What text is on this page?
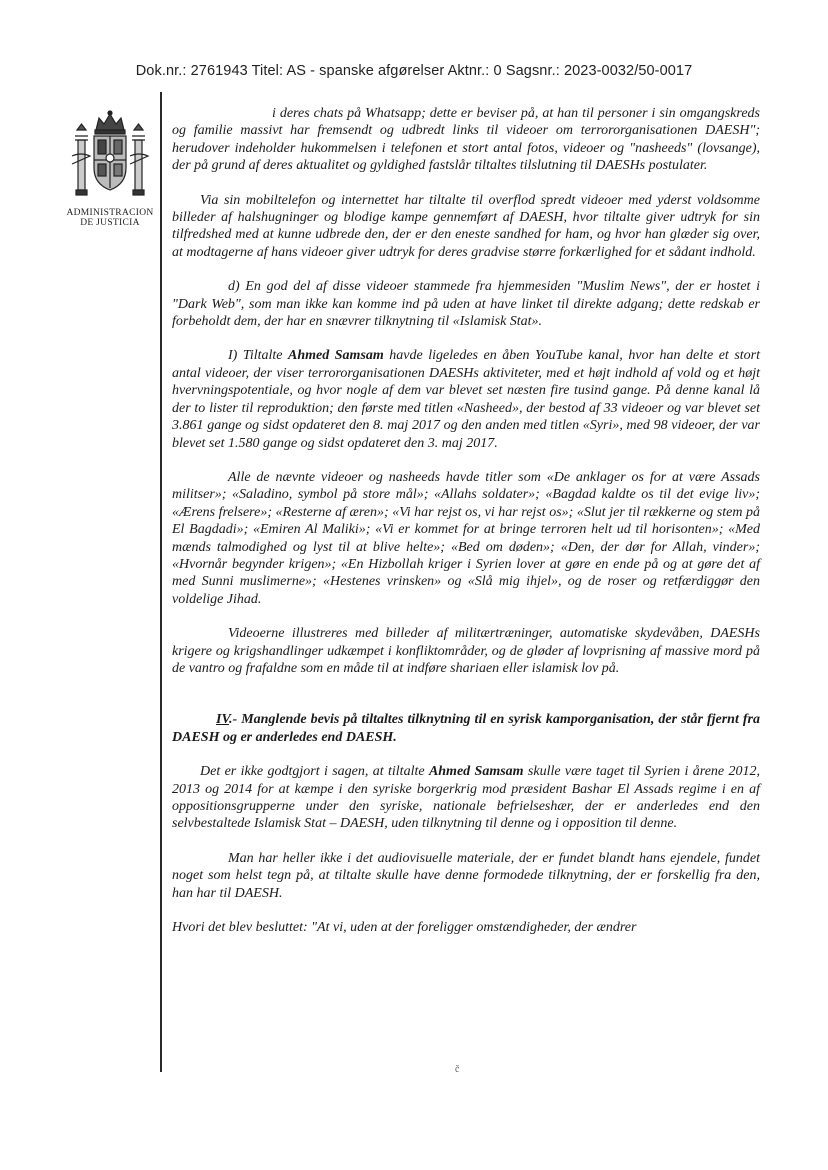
Dok.nr.: 2761943 Titel: AS - spanske afgørelser Aktnr.: 0 Sagsnr.: 2023-0032/50-0017
ADMINISTRACION
DE JUSTICIA

i deres chats på Whatsapp; dette er beviser på, at han til personer i sin omgangskreds og familie massivt har fremsendt og udbredt links til videoer om terrororganisationen DAESH"; herudover indeholder hukommelsen i telefonen et stort antal fotos, videoer og "nasheeds" (lovsange), der på grund af deres aktualitet og gyldighed fastslår tiltaltes tilslutning til DAESHs postulater.

Via sin mobiltelefon og internettet har tiltalte til overflod spredt videoer med yderst voldsomme billeder af halshugninger og blodige kampe gennemført af DAESH, hvor tiltalte giver udtryk for sin tilfredshed med at kunne udbrede den, der er den eneste sandhed for ham, og hvor han glæder sig over, at modtagerne af hans videoer giver udtryk for deres gradvise større forkærlighed for et sådant indhold.

d) En god del af disse videoer stammede fra hjemmesiden "Muslim News", der er hostet i "Dark Web", som man ikke kan komme ind på uden at have linket til direkte adgang; dette redskab er forbeholdt dem, der har en snævrer tilknytning til «Islamisk Stat».

I) Tiltalte Ahmed Samsam havde ligeledes en åben YouTube kanal, hvor han delte et stort antal videoer, der viser terrororganisationen DAESHs aktiviteter, med et højt indhold af vold og et højt hvervningspotentiale, og hvor nogle af dem var blevet set næsten fire tusind gange. På denne kanal lå der to lister til reproduktion; den første med titlen «Nasheed», der bestod af 33 videoer og var blevet set 3.861 gange og sidst opdateret den 8. maj 2017 og den anden med titlen «Syri», med 98 videoer, der var blevet set 1.580 gange og sidst opdateret den 3. maj 2017.

Alle de nævnte videoer og nasheeds havde titler som «De anklager os for at være Assads militser»; «Saladino, symbol på store mål»; «Allahs soldater»; «Bagdad kaldte os til det evige liv»; «Ærens frelsere»; «Resterne af æren»; «Vi har rejst os, vi har rejst os»; «Slut jer til rækkerne og stem på El Bagdadi»; «Emiren Al Maliki»; «Vi er kommet for at bringe terroren helt ud til horisonten»; «Med mænds talmodighed og lyst til at blive helte»; «Bed om døden»; «Den, der dør for Allah, vinder»; «Hvornår begynder krigen»; «En Hizbollah kriger i Syrien lover at gøre en ende på og at gøre det af med Sunni muslimerne»; «Hestenes vrinsken» og «Slå mig ihjel», og de roser og retfærdiggør den voldelige Jihad.

Videoerne illustreres med billeder af militærtræninger, automatiske skydevåben, DAESHs krigere og krigshandlinger udkæmpet i konfliktområder, og de gløder af lovprisning af massive mord på de vantro og frafaldne som en måde til at indføre shariaen eller islamisk lov på.

IV.- Manglende bevis på tiltaltes tilknytning til en syrisk kamporganisation, der står fjernt fra DAESH og er anderledes end DAESH.

Det er ikke godtgjort i sagen, at tiltalte Ahmed Samsam skulle være taget til Syrien i årene 2012, 2013 og 2014 for at kæmpe i den syriske borgerkrig mod præsident Bashar El Assads regime i en af oppositionsgrupperne under den syriske, nationale befrielseshær, der er anderledes end den selvbestaltede Islamisk Stat – DAESH, uden tilknytning til denne og i opposition til denne.

Man har heller ikke i det audiovisuelle materiale, der er fundet blandt hans ejendele, fundet noget som helst tegn på, at tiltalte skulle have denne formodede tilknytning, der er forskellig fra den, han har til DAESH.

Hvori det blev besluttet: "At vi, uden at der foreligger omstændigheder, der ændrer

č
